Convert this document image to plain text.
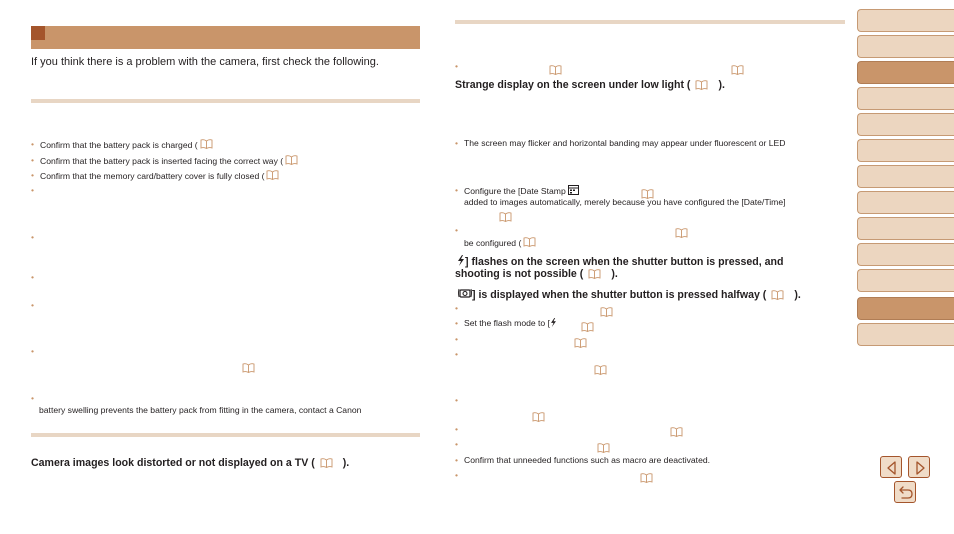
If you think there is a problem with the camera, first check the following.
• Confirm that the battery pack is charged (
• Confirm that the battery pack is inserted facing the correct way (
• Confirm that the memory card/battery cover is fully closed (
•
•
•
•
•
•
battery swelling prevents the battery pack from fitting in the camera, contact a Canon
Camera images look distorted or not displayed on a TV (	).
•
Strange display on the screen under low light (	).
• The screen may flicker and horizontal banding may appear under fluorescent or LED
• Configure the [Date Stamp
added to images automatically, merely because you have configured the [Date/Time]
•
be configured (
] flashes on the screen when the shutter button is pressed, and
shooting is not possible (	).
] is displayed when the shutter button is pressed halfway (	).
•
• Set the flash mode to [
•
•
•
•
•
• Confirm that unneeded functions such as macro are deactivated.
•
